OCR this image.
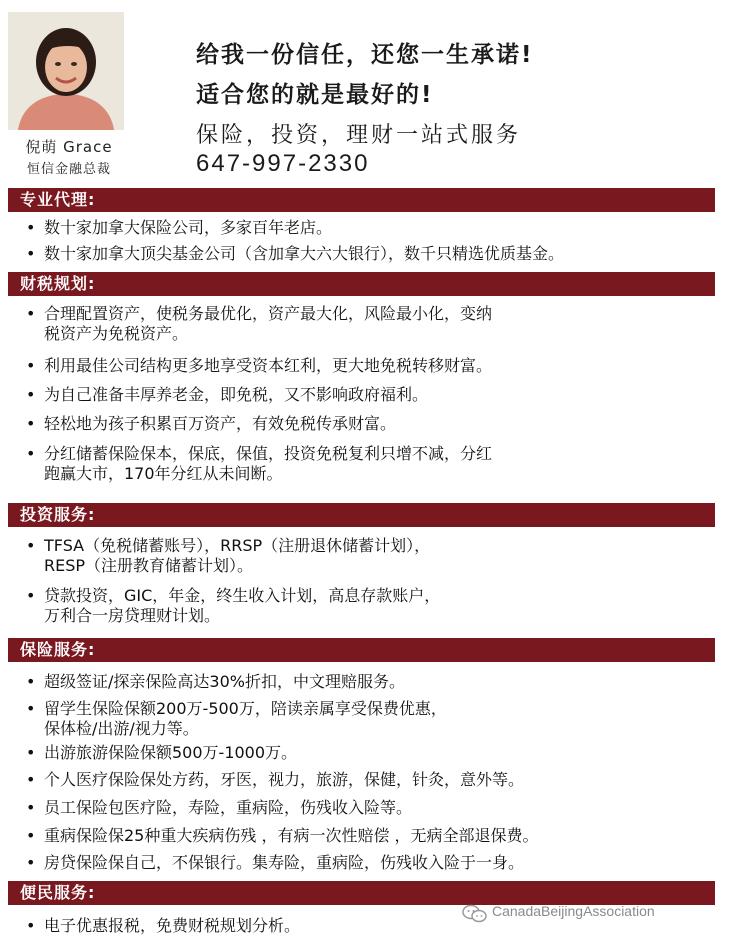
倪萌 Grace
恒信金融总裁
给我一份信任，还您一生承诺!
适合您的就是最好的!
保险，投资，理财一站式服务
647-997-2330
专业代理:
• 数十家加拿大保险公司，多家百年老店。
• 数十家加拿大顶尖基金公司（含加拿大六大银行），数千只精选优质基金。
财税规划:
• 合理配置资产，使税务最优化，资产最大化，风险最小化，变纳
税资产为免税资产。
• 利用最佳公司结构更多地享受资本红利，更大地免税转移财富。
• 为自己准备丰厚养老金，即免税，又不影响政府福利。
• 轻松地为孩子积累百万资产，有效免税传承财富。
• 分红储蓄保险保本，保底，保值，投资免税复利只增不减，分红
跑赢大市，170年分红从未间断。
投资服务:
• TFSA（免税储蓄账号），RRSP（注册退休储蓄计划），
RESP（注册教育储蓄计划）。
• 贷款投资，GIC，年金，终生收入计划，高息存款账户，
万利合一房贷理财计划。
保险服务:
• 超级签证/探亲保险高达30%折扣，中文理赔服务。
• 留学生保险保额200万-500万，陪读亲属享受保费优惠，
保体检/出游/视力等。
• 出游旅游保险保额500万-1000万。
• 个人医疗保险保处方药，牙医，视力，旅游，保健，针灸，意外等。
• 员工保险包医疗险，寿险，重病险，伤残收入险等。
• 重病保险保25种重大疾病伤残 ，有病一次性赔偿 ，无病全部退保费。
• 房贷保险保自己，不保银行。集寿险，重病险，伤残收入险于一身。
便民服务:
• 电子优惠报税，免费财税规划分析。
CanadaBeijingAssociation
